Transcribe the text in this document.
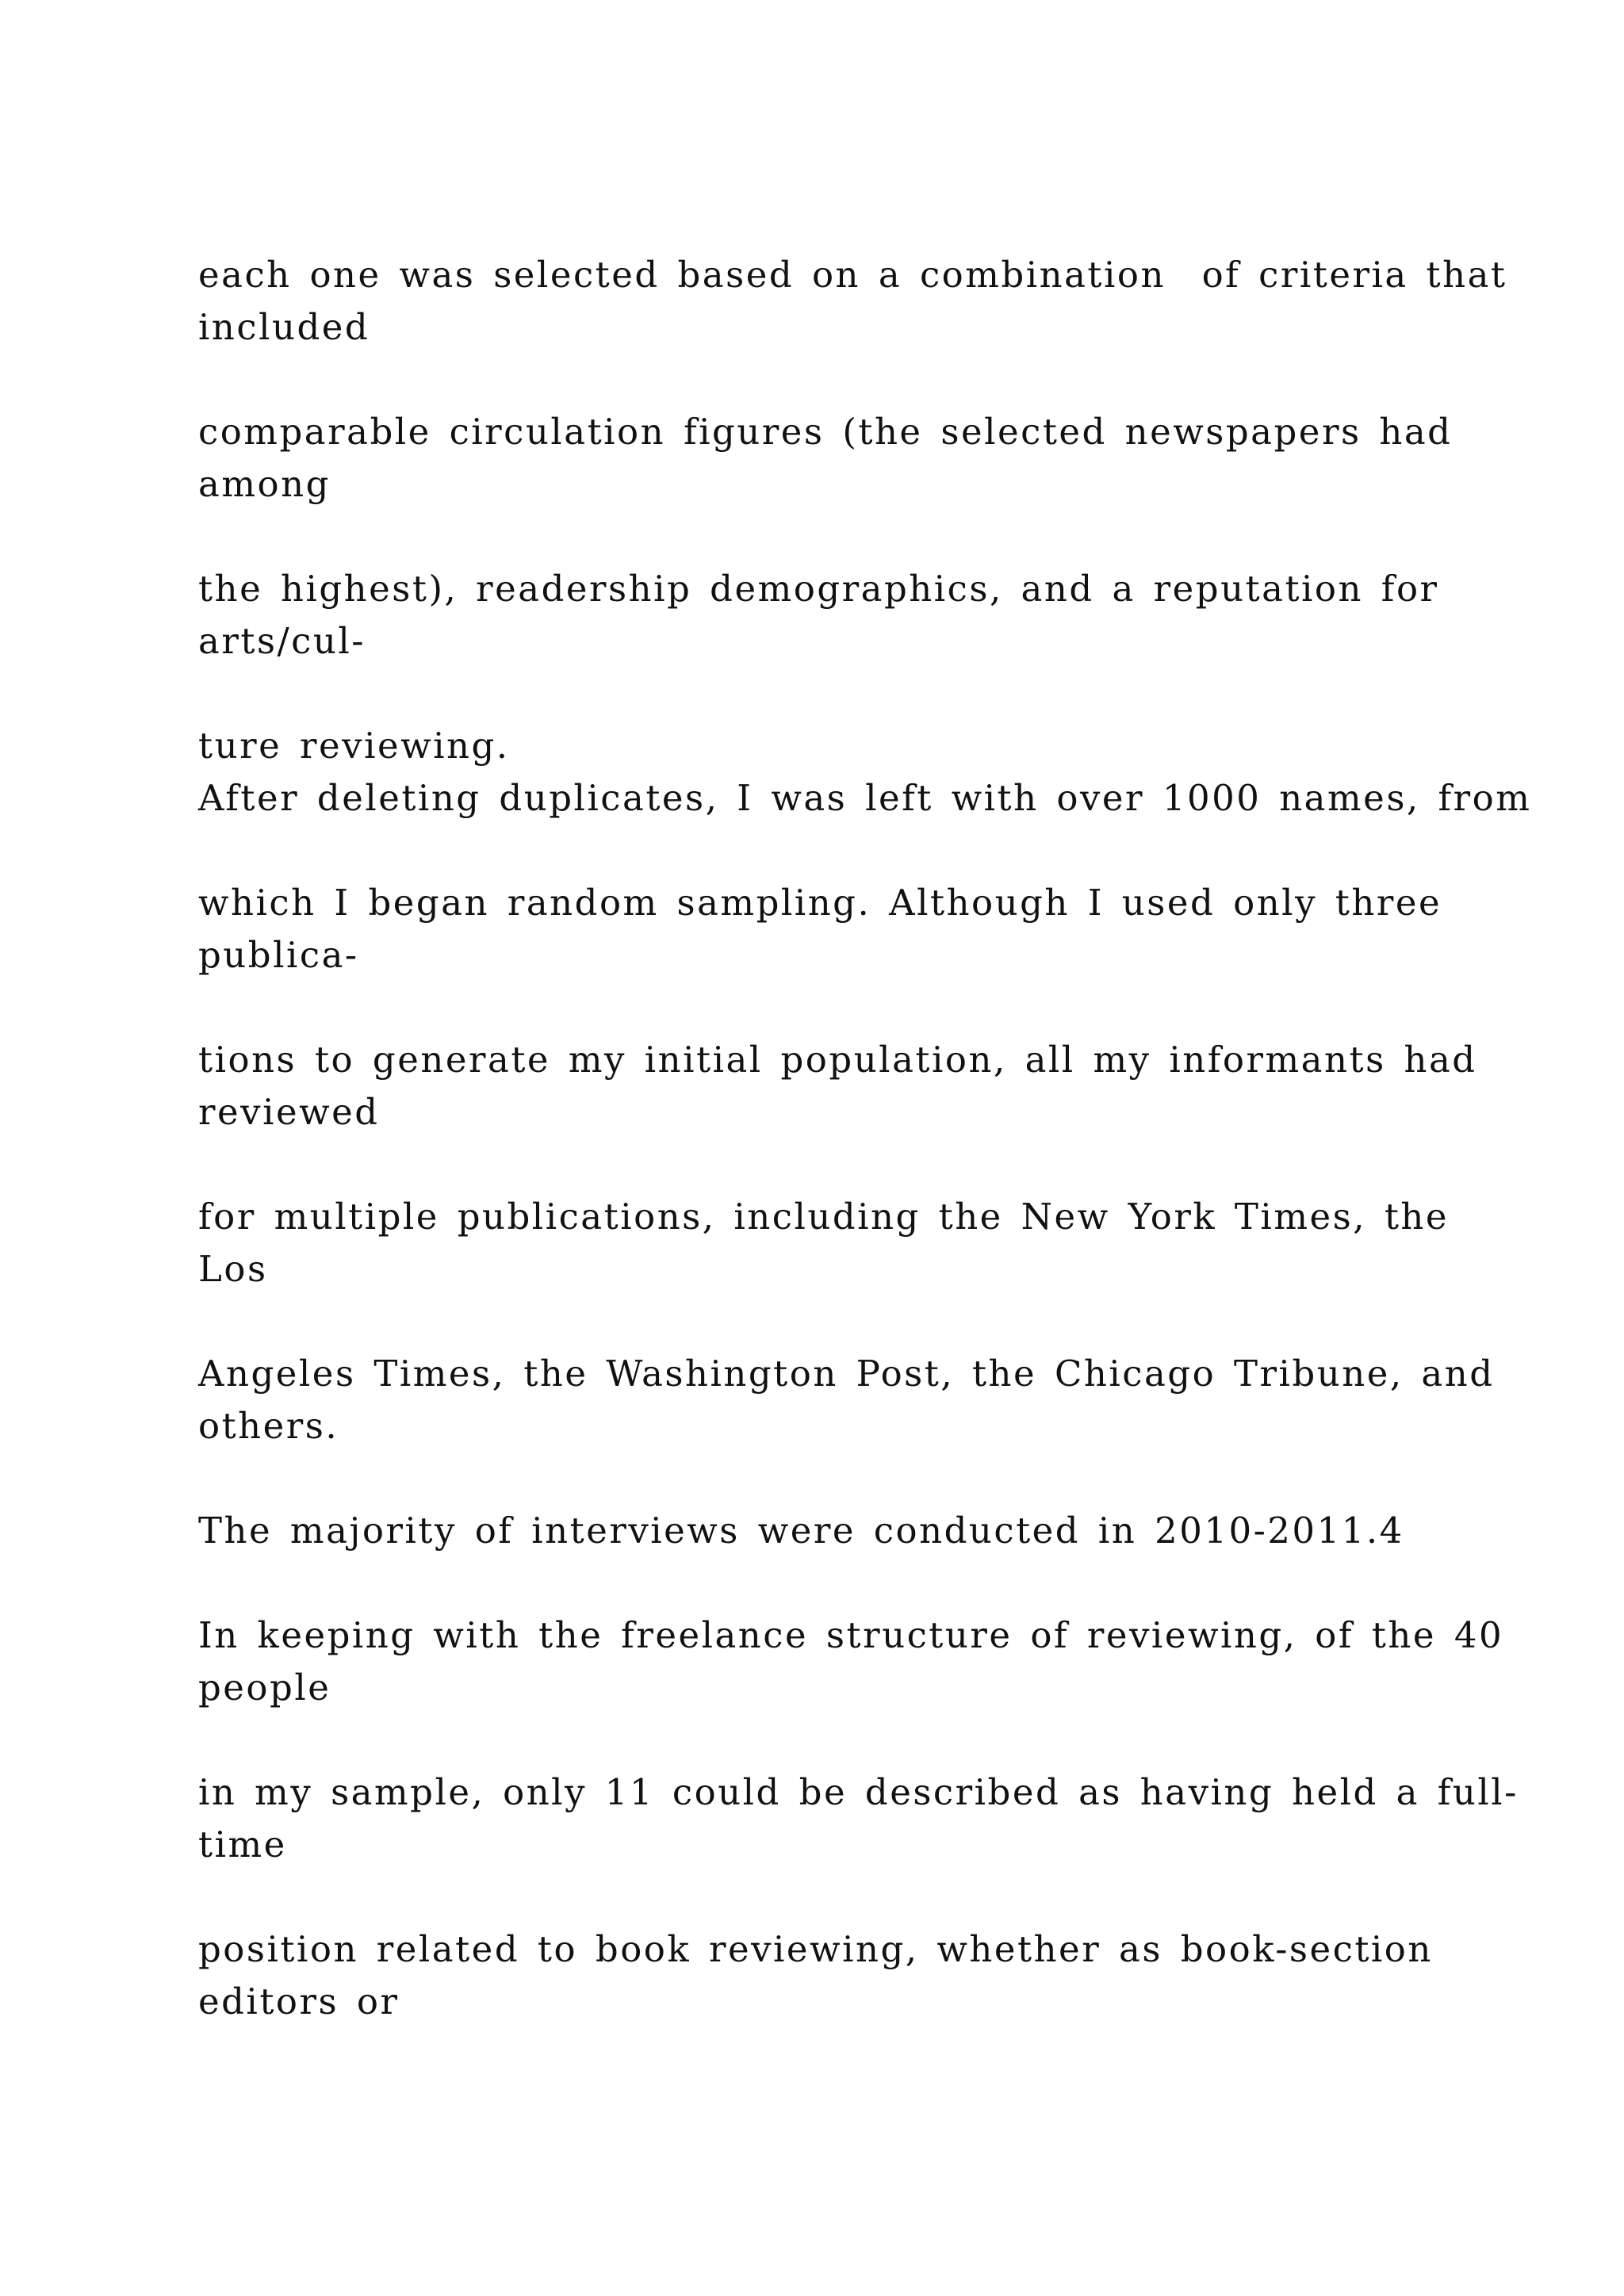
each one was selected based on a combination  of criteria that

included

comparable circulation figures (the selected newspapers had

among

the highest), readership demographics, and a reputation for

arts/cul-

ture reviewing.

After deleting duplicates, I was left with over 1000 names, from

which I began random sampling. Although I used only three

publica-

tions to generate my initial population, all my informants had

reviewed

for multiple publications, including the New York Times, the

Los

Angeles Times, the Washington Post, the Chicago Tribune, and

others.

The majority of interviews were conducted in 2010-2011.4

In keeping with the freelance structure of reviewing, of the 40

people

in my sample, only 11 could be described as having held a full-

time

position related to book reviewing, whether as book-section

editors or
